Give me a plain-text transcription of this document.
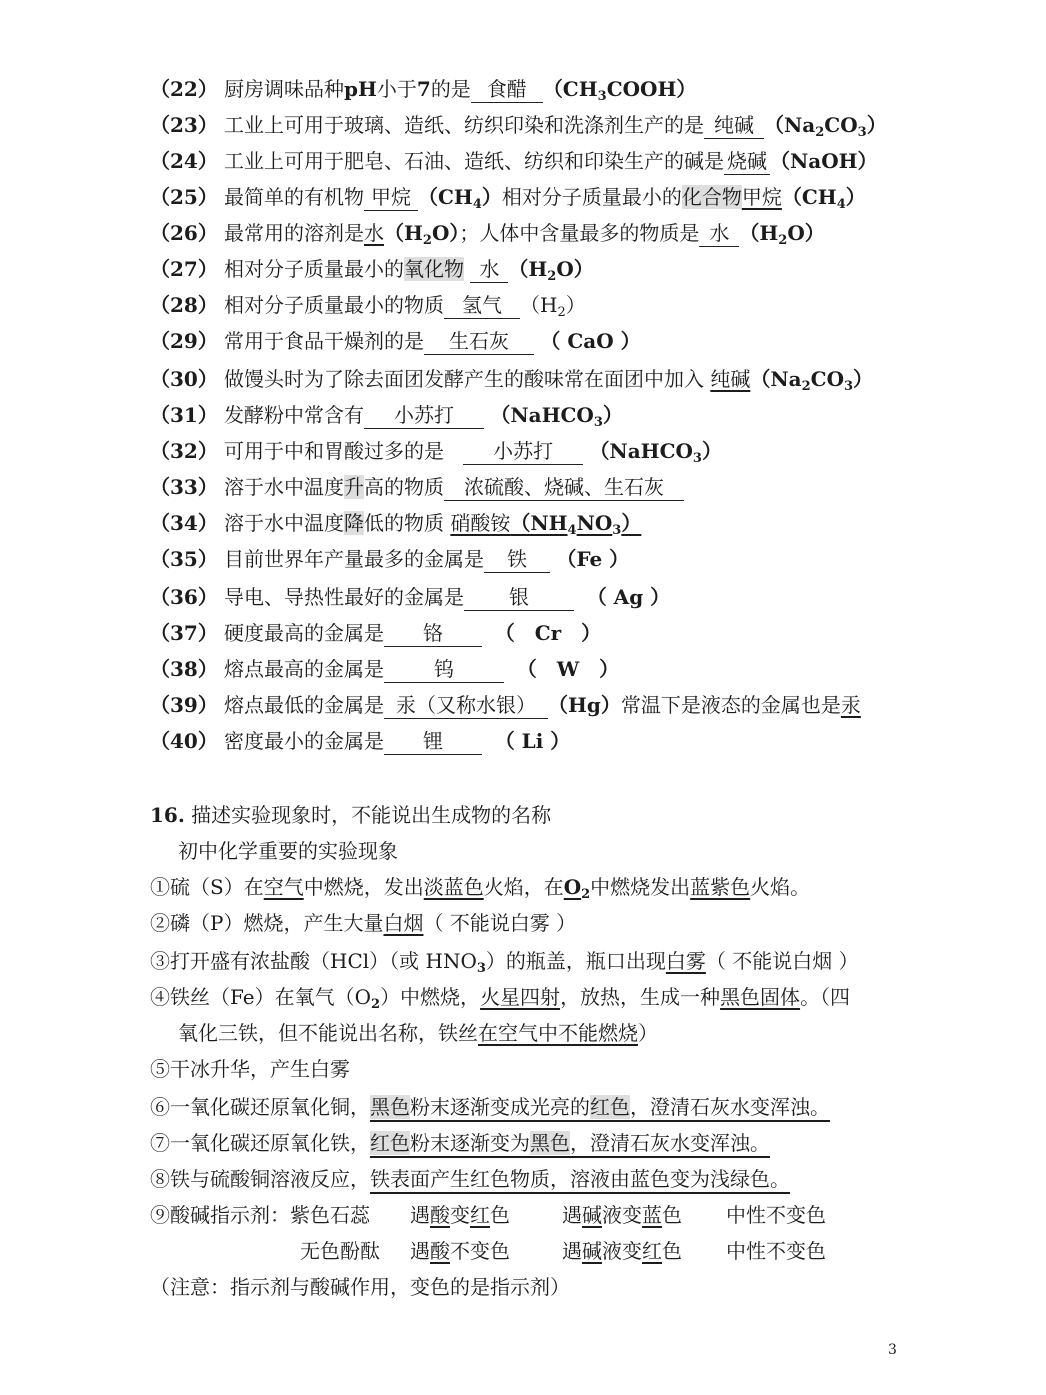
（22） 厨房调味品种pH小于7的是 食醋 $(CH_3COOH)$
（23） 工业上可用于玻璃、造纸、纺织印染和洗涤剂生产的是 纯碱 $(Na_2CO_3)$
（24） 工业上可用于肥皂、石油、造纸、纺织和印染生产的碱是 烧碱 （NaOH）
（25） 最简单的有机物 甲烷 $(CH_4)$相对分子质量最小的化合物甲烷$(CH_4)$
（26） 最常用的溶剂是水$(H_2O)$；人体中含量最多的物质是 水 $(H_2O)$
（27） 相对分子质量最小的氧化物 水 $(H_2O)$
（28） 相对分子质量最小的物质 氢气 $(H_2)$
（29） 常用于食品干燥剂的是 生石灰 （ CaO ）
（30） 做馒头时为了除去面团发酵产生的酸味常在面团中加入 纯碱$(Na_2CO_3)$
（31） 发酵粉中常含有 小苏打 （NaHCO$_3$）
（32） 可用于中和胃酸过多的是 小苏打 （NaHCO$_3$）
（33） 溶于水中温度升高的物质 浓硫酸、烧碱、生石灰
（34） 溶于水中温度降低的物质 硝酸铵$(NH_4NO_3)$
（35） 目前世界年产量最多的金属是 铁 （Fe ）
（36） 导电、导热性最好的金属是 银	（ Ag ）
（37） 硬度最高的金属是 铬	（　Cr　）
（38） 熔点最高的金属是	钨	（　W　）
（39） 熔点最低的金属是 汞（又称水银） （Hg）常温下是液态的金属也是汞
（40） 密度最小的金属是 锂	（ Li ）
16. 描述实验现象时，不能说出生成物的名称
初中化学重要的实验现象
①硫（S）在空气中燃烧，发出淡蓝色火焰，在$O_2$中燃烧发出蓝紫色火焰。
②磷（P）燃烧，产生大量白烟（ 不能说白雾 ）
③打开盛有浓盐酸（HCl）（或 $HNO_3$）的瓶盖，瓶口出现白雾（ 不能说白烟 ）
④铁丝（Fe）在氧气$(O_2)$中燃烧，火星四射，放热，生成一种黑色固体。（四
氧化三铁，但不能说出名称，铁丝在空气中不能燃烧）
⑤干冰升华，产生白雾
⑥一氧化碳还原氧化铜，黑色粉末逐渐变成光亮的红色，澄清石灰水变浑浊。
⑦一氧化碳还原氧化铁，红色粉末逐渐变为黑色，澄清石灰水变浑浊。
⑧铁与硫酸铜溶液反应，铁表面产生红色物质，溶液由蓝色变为浅绿色。
⑨酸碱指示剂：紫色石蕊 遇酸变红色	遇碱液变蓝色 中性不变色
无色酚酞 遇酸不变色	遇碱液变红色 中性不变色
（注意：指示剂与酸碱作用，变色的是指示剂）
3
